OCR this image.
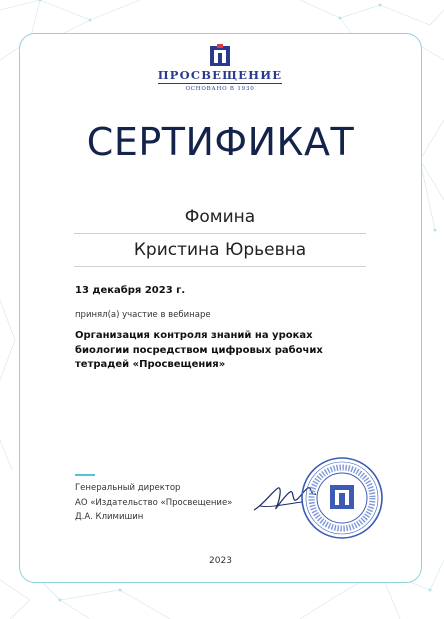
ПРОСВЕЩЕНИЕ
ОСНОВАНО В 1930
СЕРТИФИКАТ
Фомина
Кристина Юрьевна
13 декабря 2023 г.
принял(а) участие в вебинаре
Организация контроля знаний на уроках биологии посредством цифровых рабочих тетрадей «Просвещения»
Генеральный директор
АО «Издательство «Просвещение»
Д.А. Климишин
2023
